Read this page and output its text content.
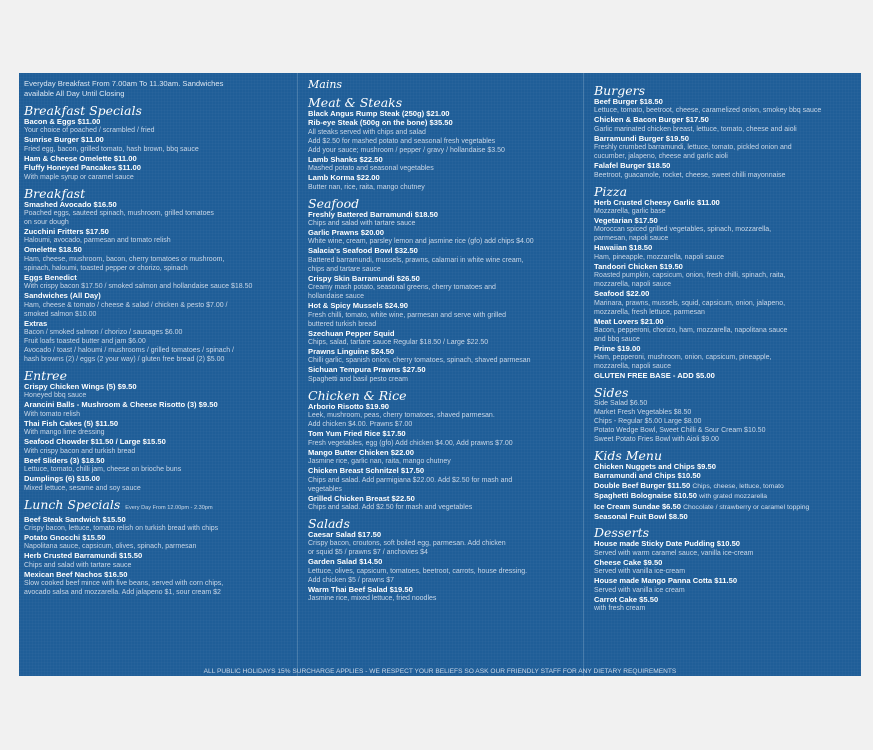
Everyday Breakfast From 7.00am To 11.30am. Sandwiches
available All Day Until Closing
Breakfast Specials
Bacon & Eggs $11.00
Your choice of poached / scrambled / fried
Sunrise Burger $11.00
Fried egg, bacon, grilled tomato, hash brown, bbq sauce
Ham & Cheese Omelette $11.00
Fluffy Honeyed Pancakes $11.00
With maple syrup or caramel sauce
Breakfast
Smashed Avocado $16.50
Poached eggs, sauteed spinach, mushroom, grilled tomatoes
on sour dough
Zucchini Fritters $17.50
Haloumi, avocado, parmesan and tomato relish
Omelette $18.50
Ham, cheese, mushroom, bacon, cherry tomatoes or mushroom,
spinach, haloumi, toasted pepper or chorizo, spinach
Eggs Benedict
With crispy bacon $17.50 / smoked salmon and hollandaise sauce $18.50
Sandwiches (All Day)
Ham, cheese & tomato / cheese & salad / chicken & pesto $7.00 /
smoked salmon $10.00
Extras
Bacon / smoked salmon / chorizo / sausages $6.00
Fruit loafs toasted butter and jam $6.00
Avocado / toast / haloumi / mushrooms / grilled tomatoes / spinach /
hash browns (2) / eggs (2 your way) / gluten free bread (2) $5.00
Entree
Crispy Chicken Wings (5) $9.50
Honeyed bbq sauce
Arancini Balls - Mushroom & Cheese Risotto (3) $9.50
With tomato relish
Thai Fish Cakes (5) $11.50
With mango lime dressing
Seafood Chowder $11.50 / Large $15.50
With crispy bacon and turkish bread
Beef Sliders (3) $18.50
Lettuce, tomato, chilli jam, cheese on brioche buns
Dumplings (6) $15.00
Mixed lettuce, sesame and soy sauce
Lunch Specials Every Day From 12.00pm - 2.30pm
Beef Steak Sandwich $15.50
Crispy bacon, lettuce, tomato relish on turkish bread with chips
Potato Gnocchi $15.50
Napolitana sauce, capsicum, olives, spinach, parmesan
Herb Crusted Barramundi $15.50
Chips and salad with tartare sauce
Mexican Beef Nachos $16.50
Slow cooked beef mince with five beans, served with corn chips,
avocado salsa and mozzarella. Add jalapeno $1, sour cream $2
Mains
Meat & Steaks
Black Angus Rump Steak (250g) $21.00
Rib-eye Steak (500g on the bone) $35.50
All steaks served with chips and salad
Add $2.50 for mashed potato and seasonal fresh vegetables
Add your sauce; mushroom / pepper / gravy / hollandaise $3.50
Lamb Shanks $22.50
Mashed potato and seasonal vegetables
Lamb Korma $22.00
Butter nan, rice, raita, mango chutney
Seafood
Freshly Battered Barramundi $18.50
Chips and salad with tartare sauce
Garlic Prawns $20.00
White wine, cream, parsley lemon and jasmine rice (gfo) add chips $4.00
Salacia's Seafood Bowl $32.50
Battered barramundi, mussels, prawns, calamari in white wine cream,
chips and tartare sauce
Crispy Skin Barramundi $26.50
Creamy mash potato, seasonal greens, cherry tomatoes and
hollandaise sauce
Hot & Spicy Mussels $24.90
Fresh chilli, tomato, white wine, parmesan and serve with grilled
buttered turkish bread
Szechuan Pepper Squid
Chips, salad, tartare sauce Regular $18.50 / Large $22.50
Prawns Linguine $24.50
Chilli garlic, spanish onion, cherry tomatoes, spinach, shaved parmesan
Sichuan Tempura Prawns $27.50
Spaghetti and basil pesto cream
Chicken & Rice
Arborio Risotto $19.90
Leek, mushroom, peas, cherry tomatoes, shaved parmesan.
Add chicken $4.00. Prawns $7.00
Tom Yum Fried Rice $17.50
Fresh vegetables, egg (gfo) Add chicken $4.00, Add prawns $7.00
Mango Butter Chicken $22.00
Jasmine rice, garlic nan, raita, mango chutney
Chicken Breast Schnitzel $17.50
Chips and salad. Add parmigiana $22.00. Add $2.50 for mash and
vegetables
Grilled Chicken Breast $22.50
Chips and salad. Add $2.50 for mash and vegetables
Salads
Caesar Salad $17.50
Crispy bacon, croutons, soft boiled egg, parmesan. Add chicken
or squid $5 / prawns $7 / anchovies $4
Garden Salad $14.50
Lettuce, olives, capsicum, tomatoes, beetroot, carrots, house dressing.
Add chicken $5 / prawns $7
Warm Thai Beef Salad $19.50
Jasmine rice, mixed lettuce, fried noodles
Burgers
Beef Burger $18.50
Lettuce, tomato, beetroot, cheese, caramelized onion, smokey bbq sauce
Chicken & Bacon Burger $17.50
Garlic marinated chicken breast, lettuce, tomato, cheese and aioli
Barramundi Burger $19.50
Freshly crumbed barramundi, lettuce, tomato, pickled onion and
cucumber, jalapeno, cheese and garlic aioli
Falafel Burger $18.50
Beetroot, guacamole, rocket, cheese, sweet chilli mayonnaise
Pizza
Herb Crusted Cheesy Garlic $11.00
Mozzarella, garlic base
Vegetarian $17.50
Moroccan spiced grilled vegetables, spinach, mozzarella,
parmesan, napoli sauce
Hawaiian $18.50
Ham, pineapple, mozzarella, napoli sauce
Tandoori Chicken $19.50
Roasted pumpkin, capsicum, onion, fresh chilli, spinach, raita,
mozzarella, napoli sauce
Seafood $22.00
Marinara, prawns, mussels, squid, capsicum, onion, jalapeno,
mozzarella, fresh lettuce, parmesan
Meat Lovers $21.00
Bacon, pepperoni, chorizo, ham, mozzarella, napolitana sauce
and bbq sauce
Prime $19.00
Ham, pepperoni, mushroom, onion, capsicum, pineapple,
mozzarella, napoli sauce
GLUTEN FREE BASE - ADD $5.00
Sides
Side Salad $6.50
Market Fresh Vegetables $8.50
Chips - Regular $5.00 Large $8.00
Potato Wedge Bowl, Sweet Chilli & Sour Cream $10.50
Sweet Potato Fries Bowl with Aioli $9.00
Kids Menu
Chicken Nuggets and Chips $9.50
Barramundi and Chips $10.50
Double Beef Burger $11.50 Chips, cheese, lettuce, tomato
Spaghetti Bolognaise $10.50 with grated mozzarella
Ice Cream Sundae $6.50 Chocolate / strawberry or caramel topping
Seasonal Fruit Bowl $8.50
Desserts
House made Sticky Date Pudding $10.50
Served with warm caramel sauce, vanilla ice-cream
Cheese Cake $9.50
Served with vanilla ice-cream
House made Mango Panna Cotta $11.50
Served with vanilla ice cream
Carrot Cake $5.50
with fresh cream
ALL PUBLIC HOLIDAYS 15% SURCHARGE APPLIES - WE RESPECT YOUR BELIEFS SO ASK OUR FRIENDLY STAFF FOR ANY DIETARY REQUIREMENTS
